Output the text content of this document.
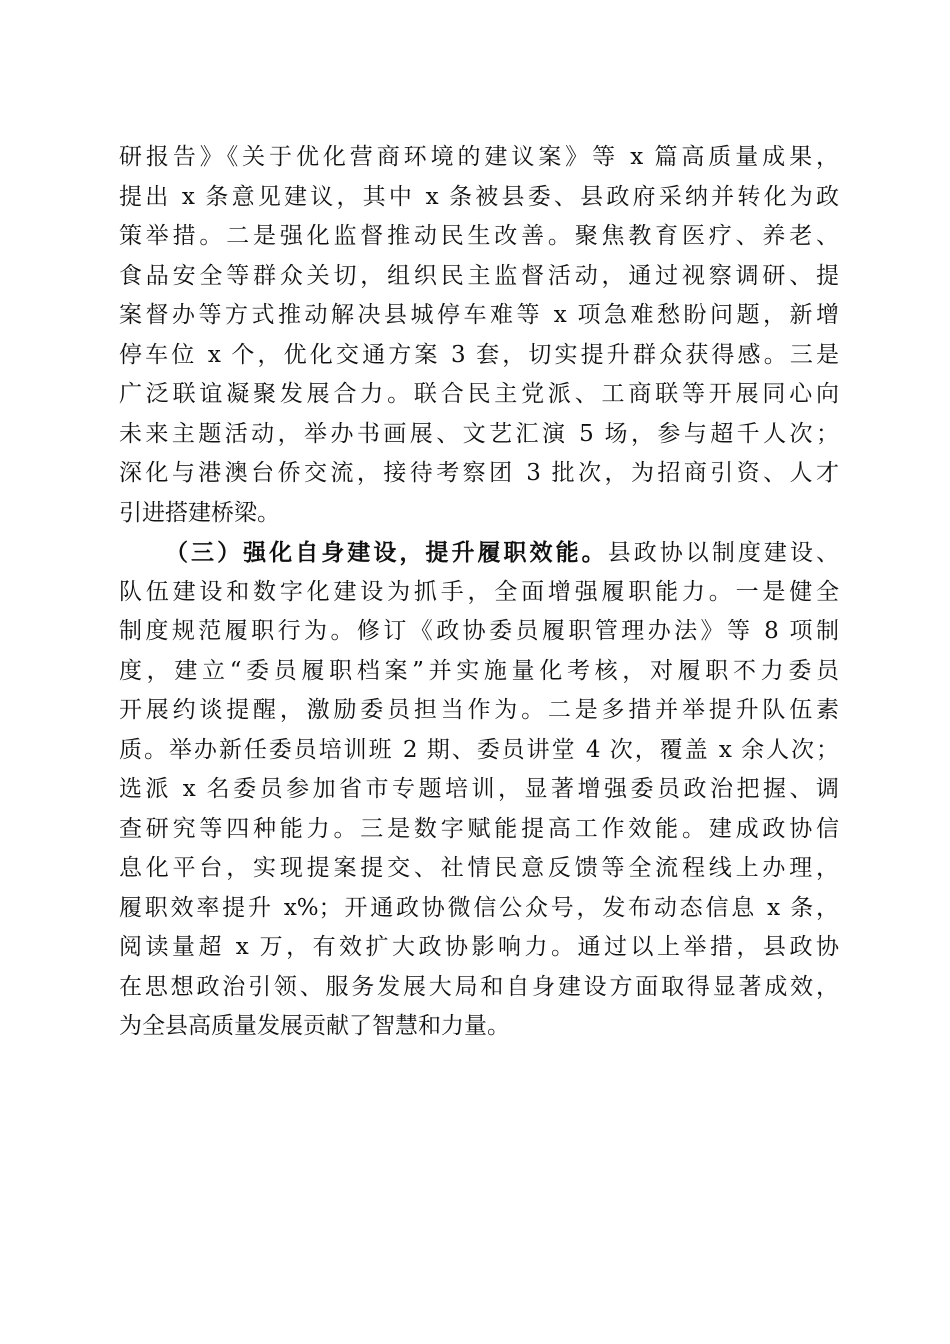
研报告》《关于优化营商环境的建议案》等 x 篇高质量成果，
提出 x 条意见建议，其中 x 条被县委、县政府采纳并转化为政
策举措。二是强化监督推动民生改善。聚焦教育医疗、养老、
食品安全等群众关切，组织民主监督活动，通过视察调研、提
案督办等方式推动解决县城停车难等 x 项急难愁盼问题，新增
停车位 x 个，优化交通方案 3 套，切实提升群众获得感。三是
广泛联谊凝聚发展合力。联合民主党派、工商联等开展同心向
未来主题活动，举办书画展、文艺汇演 5 场，参与超千人次；
深化与港澳台侨交流，接待考察团 3 批次，为招商引资、人才
引进搭建桥梁。
（三）强化自身建设，提升履职效能。县政协以制度建设、
队伍建设和数字化建设为抓手，全面增强履职能力。一是健全
制度规范履职行为。修订《政协委员履职管理办法》等 8 项制
度，建立“委员履职档案”并实施量化考核，对履职不力委员
开展约谈提醒，激励委员担当作为。二是多措并举提升队伍素
质。举办新任委员培训班 2 期、委员讲堂 4 次，覆盖 x 余人次；
选派 x 名委员参加省市专题培训，显著增强委员政治把握、调
查研究等四种能力。三是数字赋能提高工作效能。建成政协信
息化平台，实现提案提交、社情民意反馈等全流程线上办理，
履职效率提升 x%；开通政协微信公众号，发布动态信息 x 条，
阅读量超 x 万，有效扩大政协影响力。通过以上举措，县政协
在思想政治引领、服务发展大局和自身建设方面取得显著成效，
为全县高质量发展贡献了智慧和力量。
